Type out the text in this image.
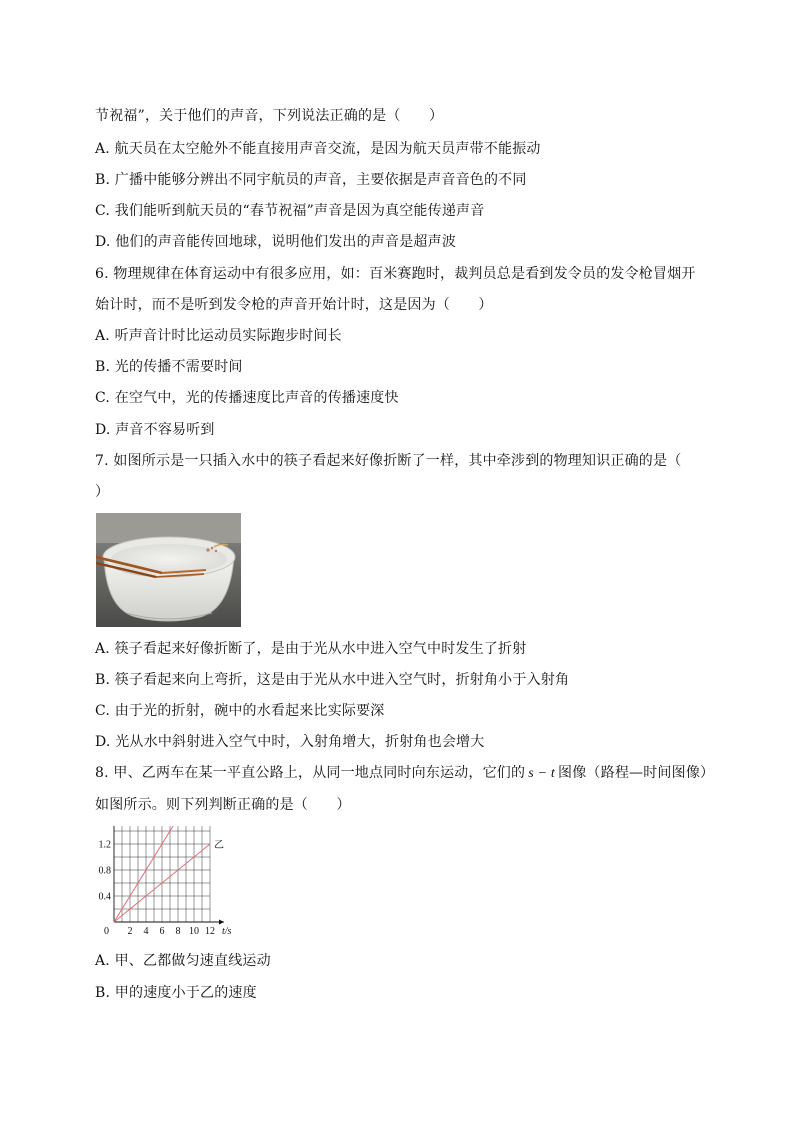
节祝福”，关于他们的声音，下列说法正确的是（　　）
A. 航天员在太空舱外不能直接用声音交流，是因为航天员声带不能振动
B. 广播中能够分辨出不同宇航员的声音，主要依据是声音音色的不同
C. 我们能听到航天员的“春节祝福”声音是因为真空能传递声音
D. 他们的声音能传回地球，说明他们发出的声音是超声波
6. 物理规律在体育运动中有很多应用，如：百米赛跑时，裁判员总是看到发令员的发令枪冒烟开
始计时，而不是听到发令枪的声音开始计时，这是因为（　　）
A. 听声音计时比运动员实际跑步时间长
B. 光的传播不需要时间
C. 在空气中，光的传播速度比声音的传播速度快
D. 声音不容易听到
7. 如图所示是一只插入水中的筷子看起来好像折断了一样，其中牵涉到的物理知识正确的是（
）
A. 筷子看起来好像折断了，是由于光从水中进入空气中时发生了折射
B. 筷子看起来向上弯折，这是由于光从水中进入空气时，折射角小于入射角
C. 由于光的折射，碗中的水看起来比实际要深
D. 光从水中斜射进入空气中时，入射角增大，折射角也会增大
8. 甲、乙两车在某一平直公路上，从同一地点同时向东运动，它们的 s − t 图像（路程—时间图像）
如图所示。则下列判断正确的是（　　）
乙
0 2 4 6 8 10 12
0.4
0.8
1.2
t/s
A. 甲、乙都做匀速直线运动
B. 甲的速度小于乙的速度
